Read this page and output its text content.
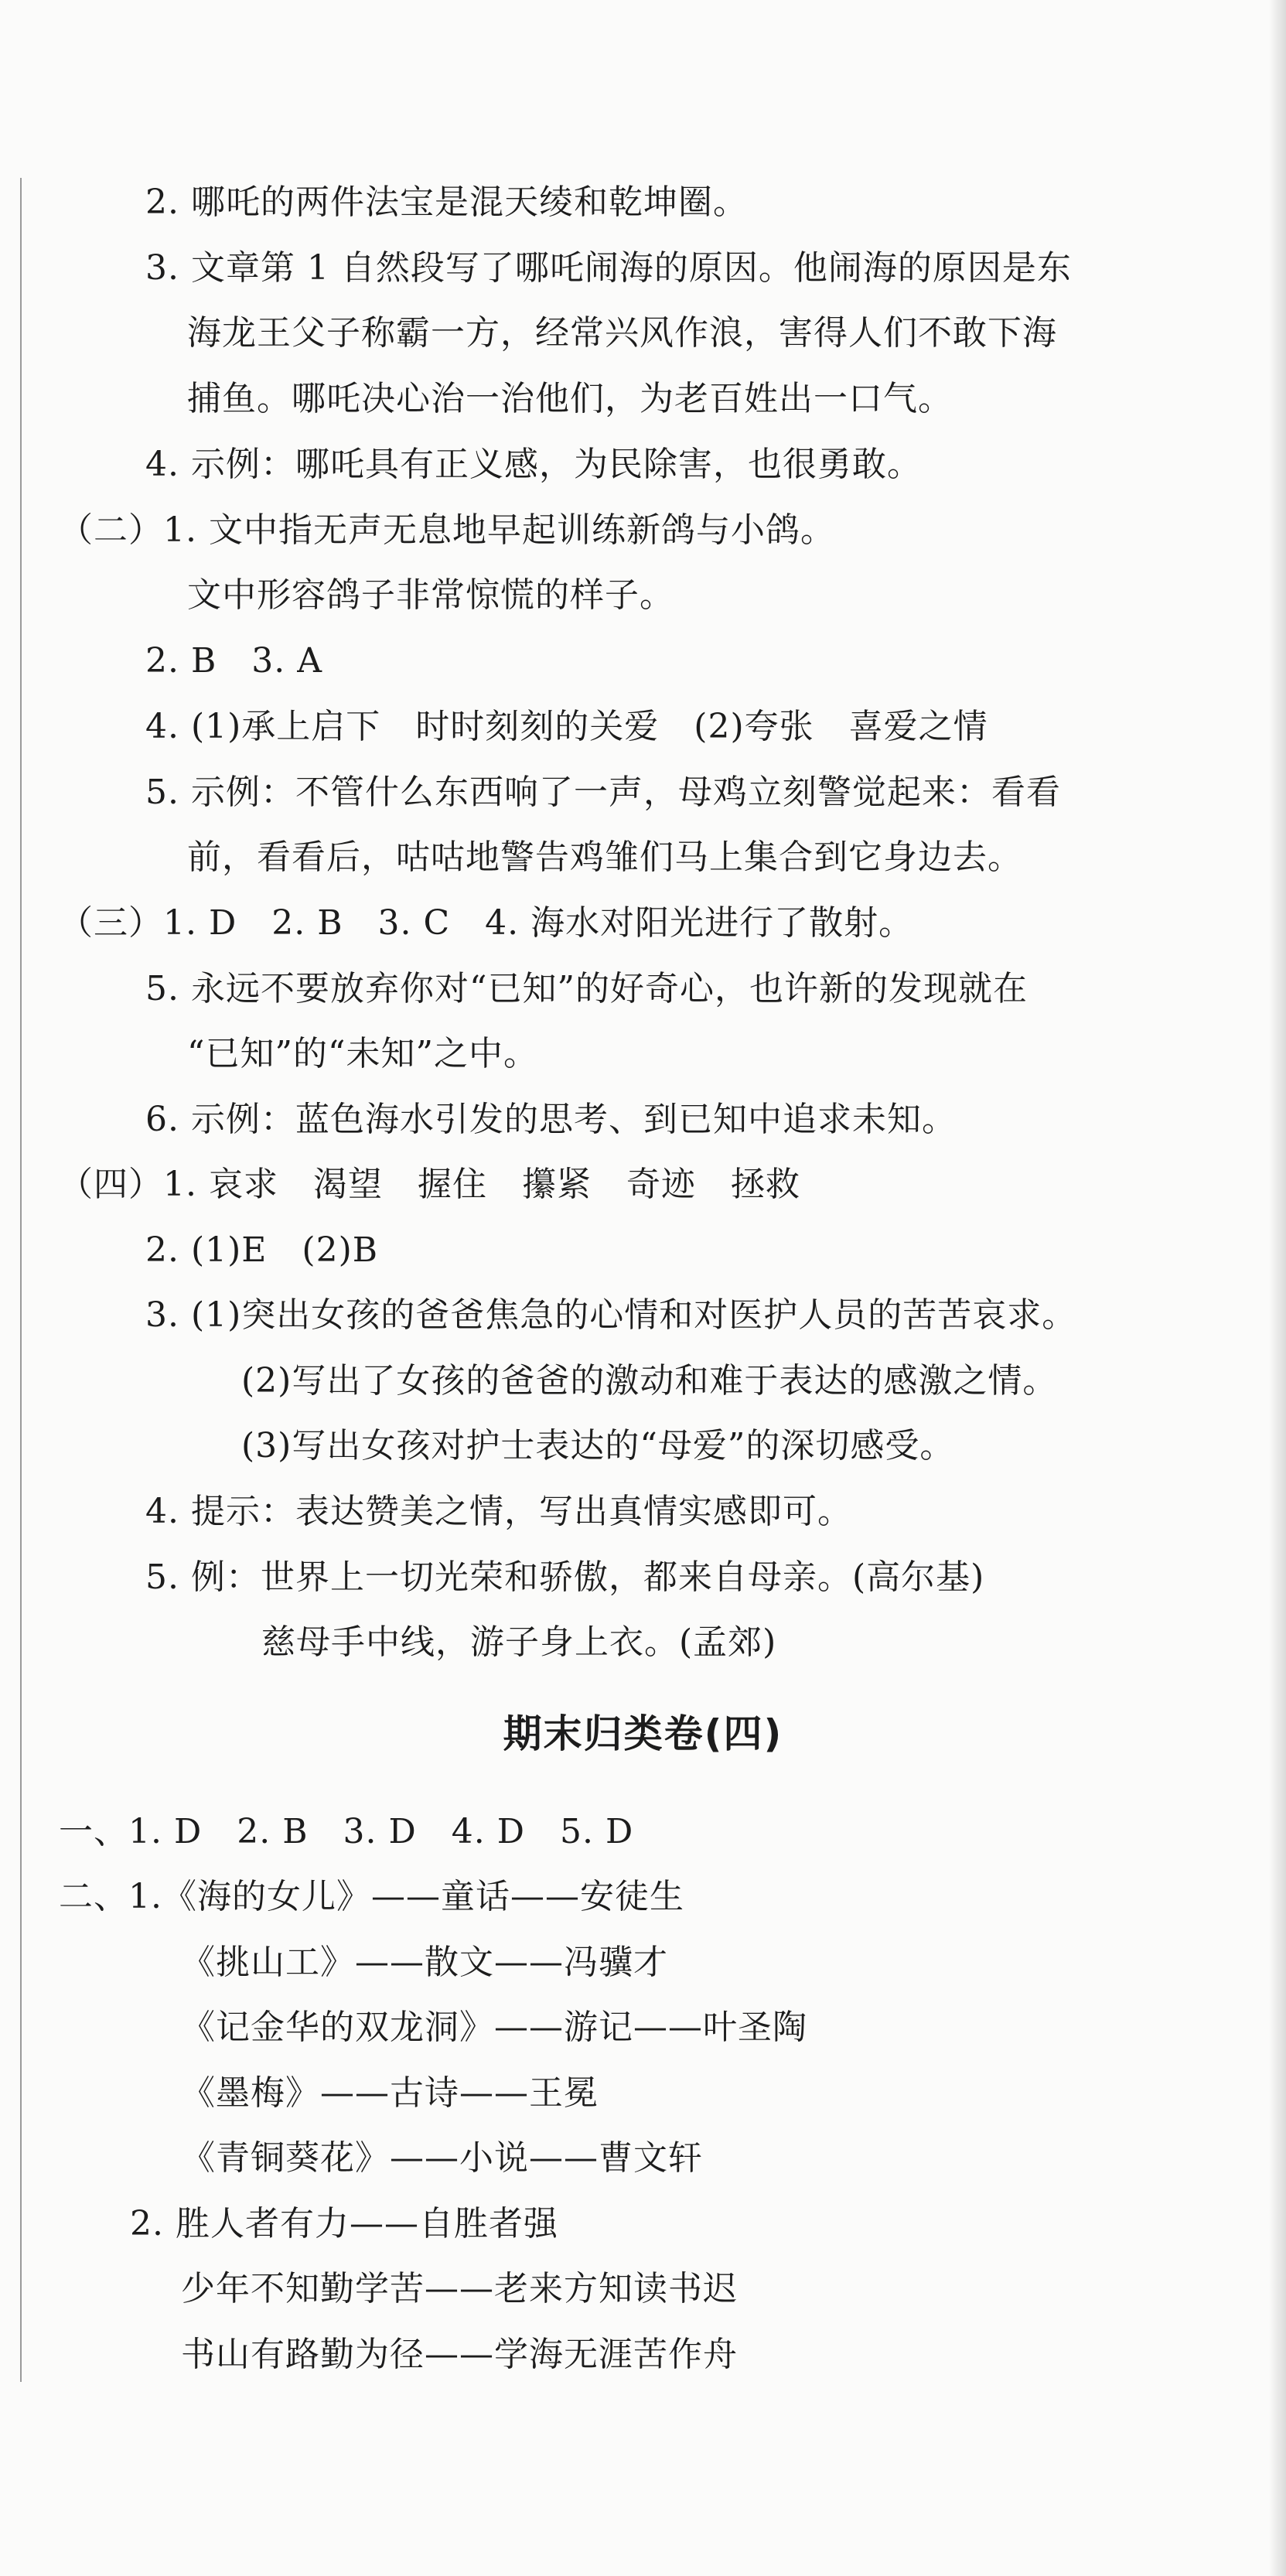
2. 哪吒的两件法宝是混天绫和乾坤圈。
3. 文章第 1 自然段写了哪吒闹海的原因。他闹海的原因是东
海龙王父子称霸一方，经常兴风作浪，害得人们不敢下海
捕鱼。哪吒决心治一治他们，为老百姓出一口气。
4. 示例：哪吒具有正义感，为民除害，也很勇敢。
（二）1. 文中指无声无息地早起训练新鸽与小鸽。
文中形容鸽子非常惊慌的样子。
2. B　3. A
4. (1)承上启下　时时刻刻的关爱　(2)夸张　喜爱之情
5. 示例：不管什么东西响了一声，母鸡立刻警觉起来：看看
前，看看后，咕咕地警告鸡雏们马上集合到它身边去。
（三）1. D　2. B　3. C　4. 海水对阳光进行了散射。
5. 永远不要放弃你对“已知”的好奇心，也许新的发现就在
“已知”的“未知”之中。
6. 示例：蓝色海水引发的思考、到已知中追求未知。
（四）1. 哀求　渴望　握住　攥紧　奇迹　拯救
2. (1)E　(2)B
3. (1)突出女孩的爸爸焦急的心情和对医护人员的苦苦哀求。
(2)写出了女孩的爸爸的激动和难于表达的感激之情。
(3)写出女孩对护士表达的“母爱”的深切感受。
4. 提示：表达赞美之情，写出真情实感即可。
5. 例：世界上一切光荣和骄傲，都来自母亲。(高尔基)
慈母手中线，游子身上衣。(孟郊)
期末归类卷(四)
一、1. D　2. B　3. D　4. D　5. D
二、1.《海的女儿》——童话——安徒生
《挑山工》——散文——冯骥才
《记金华的双龙洞》——游记——叶圣陶
《墨梅》——古诗——王冕
《青铜葵花》——小说——曹文轩
2. 胜人者有力——自胜者强
少年不知勤学苦——老来方知读书迟
书山有路勤为径——学海无涯苦作舟
